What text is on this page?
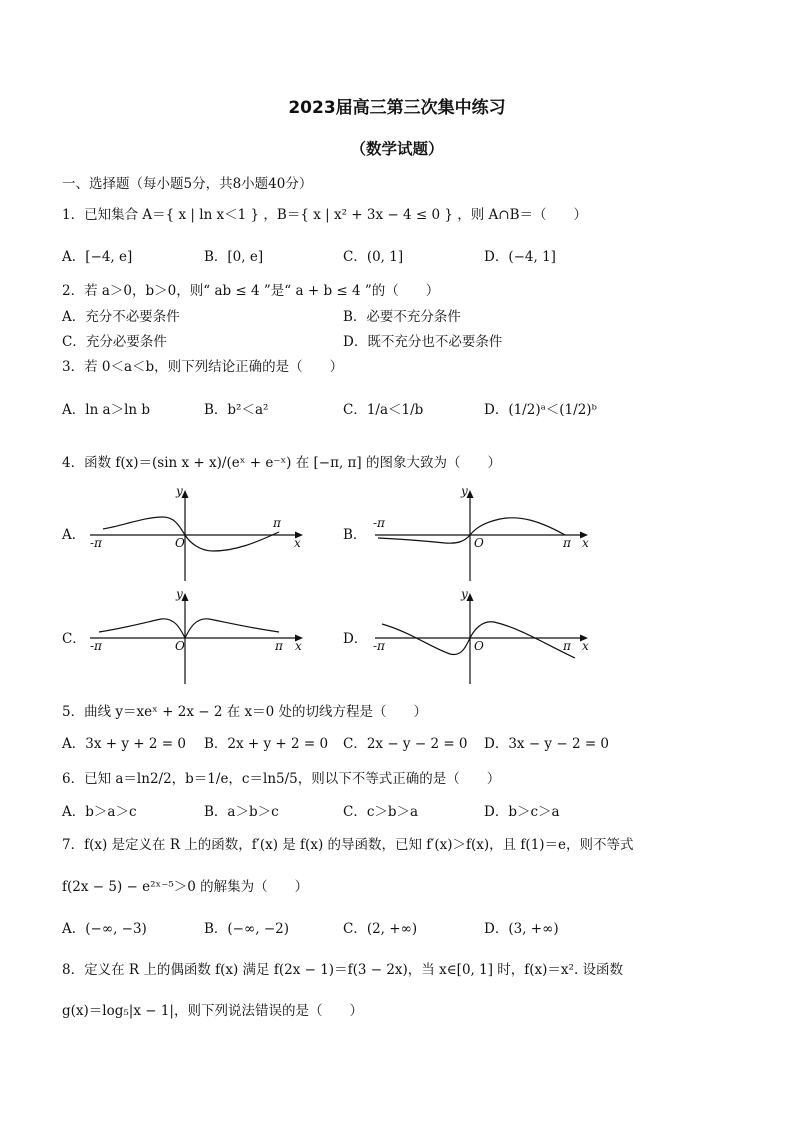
2023届高三第三次集中练习
（数学试题）
一、选择题（每小题5分，共8小题40分）
1．已知集合 A＝{ x | ln x＜1 } ，B＝{ x | x² + 3x − 4 ≤ 0 } ，则 A∩B＝（　　）
A．[−4, e]	B．[0, e]	C．(0, 1]	D．(−4, 1]
2．若 a＞0，b＞0，则“ ab ≤ 4 ”是“ a + b ≤ 4 ”的（　　）
A．充分不必要条件	B．必要不充分条件
C．充分必要条件	D．既不充分也不必要条件
3．若 0＜a＜b，则下列结论正确的是（　　）
A．ln a＞ln b	B．b²＜a²	C．1/a＜1/b	D．(1/2)ᵃ＜(1/2)ᵇ
4．函数 f(x)＝(sin x + x)/(eˣ + e⁻ˣ) 在 [−π, π] 的图象大致为（　　）
A．
y
x
O
π
-π	B．
y
x
O	π
-π
C．
y
x
O	π
-π	D．
y
x
O	π
-π
5．曲线 y＝xeˣ + 2x − 2 在 x＝0 处的切线方程是（　　）
A．3x + y + 2 = 0 B．2x + y + 2 = 0 C．2x − y − 2 = 0 D．3x − y − 2 = 0
6．已知 a＝ln2/2，b＝1/e，c＝ln5/5，则以下不等式正确的是（　　）
A．b＞a＞c	B．a＞b＞c	C．c＞b＞a	D．b＞c＞a
7．f(x) 是定义在 R 上的函数，f′(x) 是 f(x) 的导函数，已知 f′(x)＞f(x)，且 f(1)＝e，则不等式
f(2x − 5) − e²ˣ⁻⁵＞0 的解集为（　　）
A．(−∞, −3)	B．(−∞, −2)	C．(2, +∞)	D．(3, +∞)
8．定义在 R 上的偶函数 f(x) 满足 f(2x − 1)＝f(3 − 2x)，当 x∈[0, 1] 时，f(x)＝x². 设函数
g(x)＝log₅|x − 1|，则下列说法错误的是（　　）
